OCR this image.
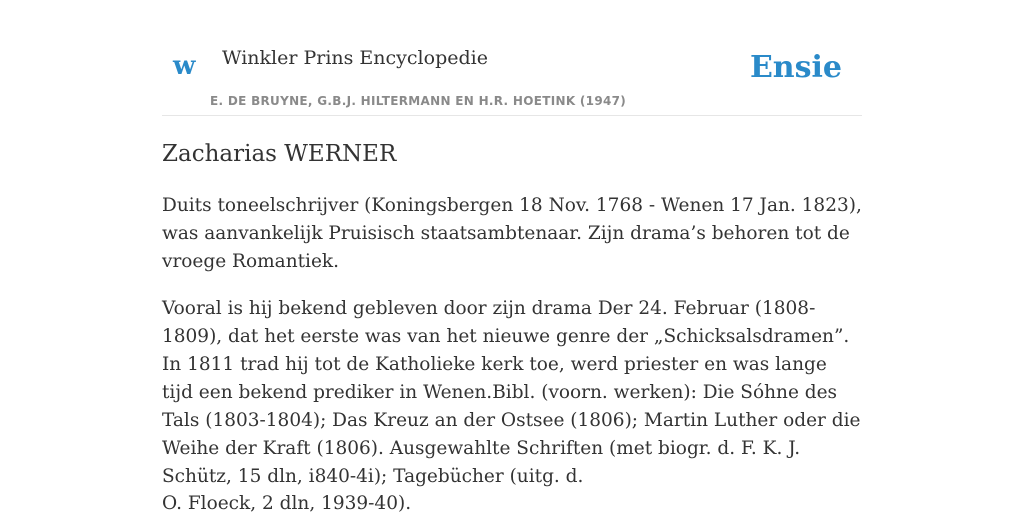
w Winkler Prins Encyclopedie
E. DE BRUYNE, G.B.J. HILTERMANN EN H.R. HOETINK (1947)
Ensie
Zacharias WERNER

Duits toneelschrijver (Koningsbergen 18 Nov. 1768 - Wenen 17 Jan. 1823), was aanvankelijk Pruisisch staatsambtenaar. Zijn drama’s behoren tot de vroege Romantiek.

Vooral is hij bekend gebleven door zijn drama Der 24. Februar (1808-1809), dat het eerste was van het nieuwe genre der „Schicksalsdramen”. In 1811 trad hij tot de Katholieke kerk toe, werd priester en was lange tijd een bekend prediker in Wenen.Bibl. (voorn. werken): Die Sóhne des Tals (1803-1804); Das Kreuz an der Ostsee (1806); Martin Luther oder die Weihe der Kraft (1806). Ausgewahlte Schriften (met biogr. d. F. K. J. Schütz, 15 dln, i840-4i); Tagebücher (uitg. d.

O. Floeck, 2 dln, 1939-40).
